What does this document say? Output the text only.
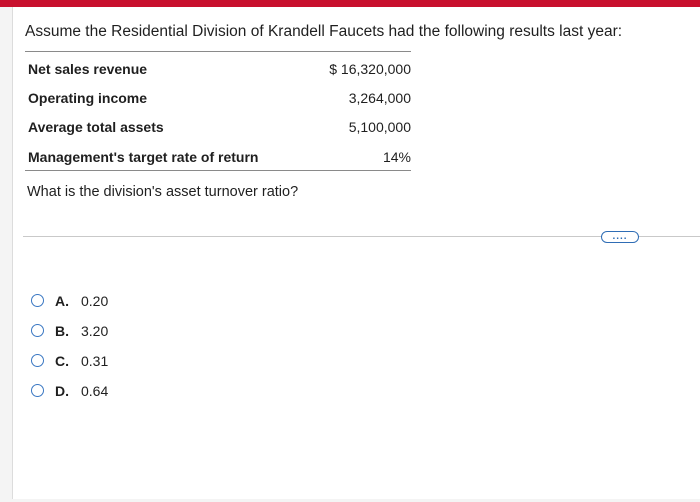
Assume the Residential Division of Krandell Faucets had the following results last year:
Net sales revenue	$ 16,320,000
Operating income	3,264,000
Average total assets	5,100,000
Management's target rate of return	14%
What is the division's asset turnover ratio?
....
A. 0.20
B. 3.20
C. 0.31
D. 0.64
